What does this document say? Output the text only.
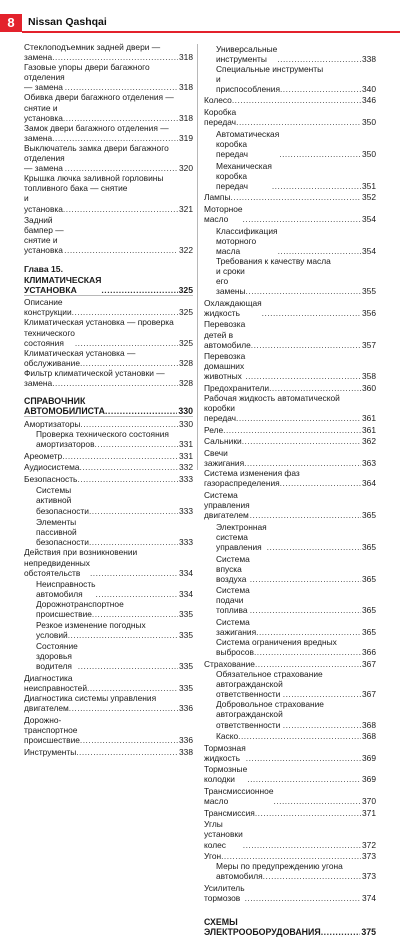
8	Nissan Qashqai
Стеклоподъемник задней двери —
замена .....	318
Газовые упоры двери багажного
отделения — замена .....	318
Обивка двери багажного отделения —
снятие и установка .....	318
Замок двери багажного отделения —
замена .....	319
Выключатель замка двери багажного
отделения — замена .....	320
Крышка лючка заливной горловины
топливного бака — снятие
и установка .....	321
Задний бампер — снятие и установка .....	322
Глава 15.
КЛИМАТИЧЕСКАЯ УСТАНОВКА .....	325
Описание конструкции .....	325
Климатическая установка — проверка
технического состояния .....	325
Климатическая установка —
обслуживание .....	328
Фильтр климатической установки —
замена .....	328
СПРАВОЧНИК АВТОМОБИЛИСТА .....	330
Амортизаторы .....	330
Проверка технического состояния
амортизаторов .....	331
Ареометр .....	331
Аудиосистема .....	332
Безопасность .....	333
Системы активной безопасности .....	333
Элементы пассивной безопасности .....	333
Действия при возникновении
непредвиденных обстоятельств .....	334
Неисправность автомобиля .....	334
Дорожнотранспортное
происшествие .....	335
Резкое изменение погодных
условий .....	335
Состояние здоровья водителя .....	335
Диагностика неисправностей .....	335
Диагностика системы управления
двигателем .....	336
Дорожно-транспортное происшествие .....	336
Инструменты .....	338
Универсальные инструменты .....	338
Специальные инструменты
и приспособления .....	340
Колесо .....	346
Коробка передач .....	350
Автоматическая коробка передач .....	350
Механическая коробка передач .....	351
Лампы .....	352
Моторное масло .....	354
Классификация моторного масла .....	354
Требования к качеству масла
и сроки его замены .....	355
Охлаждающая жидкость .....	356
Перевозка детей в автомобиле .....	357
Перевозка домашних животных .....	358
Предохранители .....	360
Рабочая жидкость автоматической
коробки передач .....	361
Реле .....	361
Сальники .....	362
Свечи зажигания .....	363
Система изменения фаз
газораспределения .....	364
Система управления двигателем .....	365
Электронная система управления .....	365
Система впуска воздуха .....	365
Система подачи топлива .....	365
Система зажигания .....	365
Система ограничения вредных
выбросов .....	366
Страхование .....	367
Обязательное страхование
автогражданской ответственности .....	367
Добровольное страхование
автогражданской ответственности .....	368
Каско .....	368
Тормозная жидкость .....	369
Тормозные колодки .....	369
Трансмиссионное масло .....	370
Трансмиссия .....	371
Углы установки колес .....	372
Угон .....	373
Меры по предупреждению угона
автомобиля .....	373
Усилитель тормозов .....	374
СХЕМЫ ЭЛЕКТРООБОРУДОВАНИЯ .....	375
